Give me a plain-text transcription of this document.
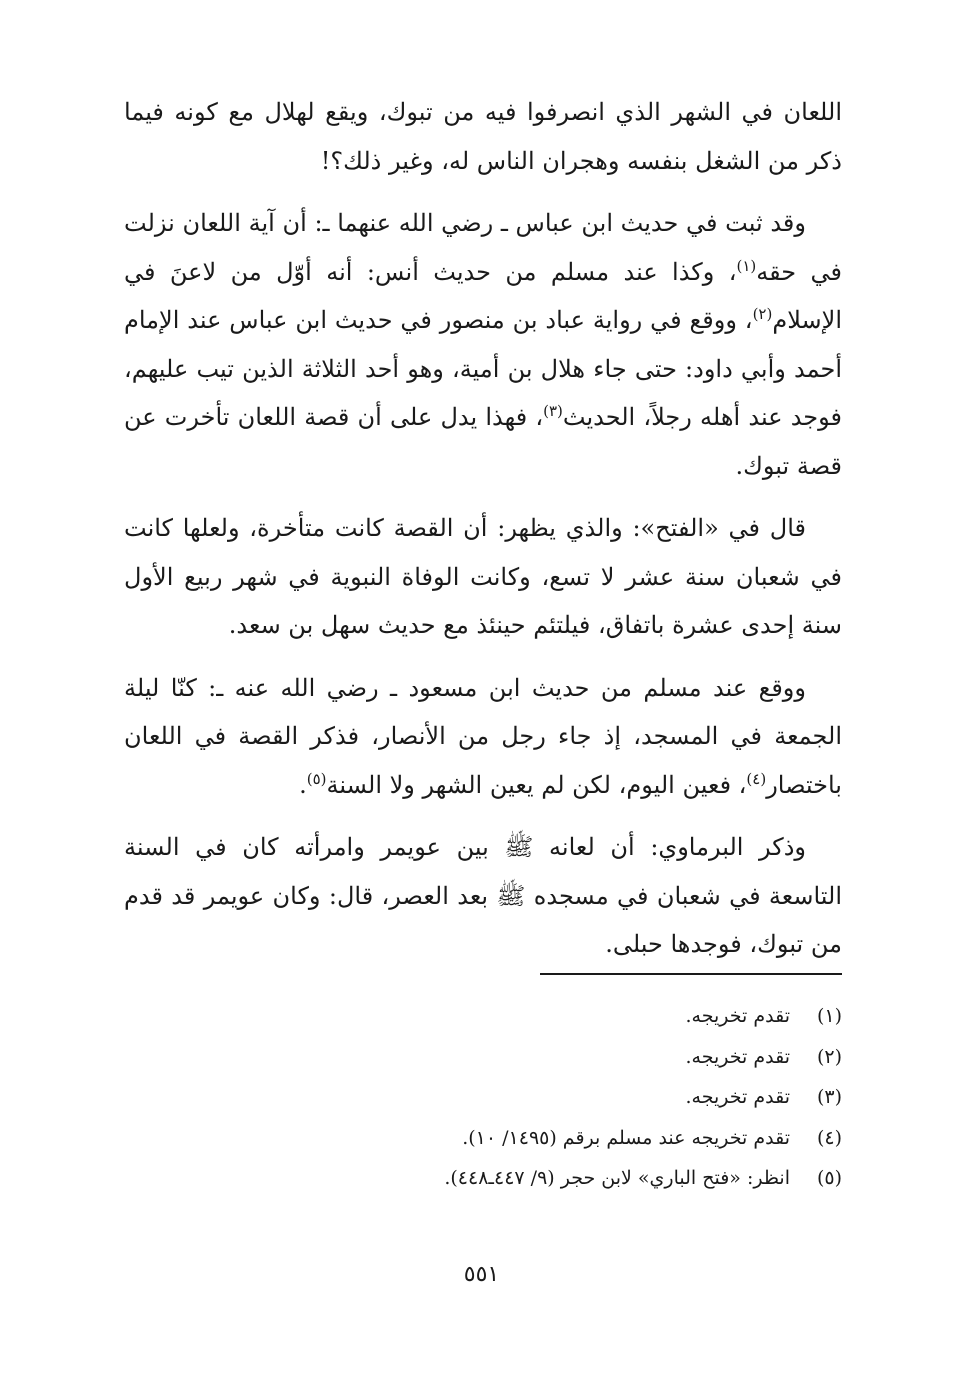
اللعان في الشهر الذي انصرفوا فيه من تبوك، ويقع لهلال مع كونه فيما ذكر من الشغل بنفسه وهجران الناس له، وغير ذلك؟!

وقد ثبت في حديث ابن عباس ـ رضي الله عنهما ـ: أن آية اللعان نزلت في حقه$^{(١)}$، وكذا عند مسلم من حديث أنس: أنه أوّل من لاعنَ في الإسلام$^{(٢)}$، ووقع في رواية عباد بن منصور في حديث ابن عباس عند الإمام أحمد وأبي داود: حتى جاء هلال بن أمية، وهو أحد الثلاثة الذين تيب عليهم، فوجد عند أهله رجلاً، الحديث$^{(٣)}$، فهذا يدل على أن قصة اللعان تأخرت عن قصة تبوك.

قال في «الفتح»: والذي يظهر: أن القصة كانت متأخرة، ولعلها كانت في شعبان سنة عشر لا تسع، وكانت الوفاة النبوية في شهر ربيع الأول سنة إحدى عشرة باتفاق، فيلتئم حينئذ مع حديث سهل بن سعد.

ووقع عند مسلم من حديث ابن مسعود ـ رضي الله عنه ـ: كنّا ليلة الجمعة في المسجد، إذ جاء رجل من الأنصار، فذكر القصة في اللعان باختصار$^{(٤)}$، فعين اليوم، لكن لم يعين الشهر ولا السنة$^{(٥)}$.

وذكر البرماوي: أن لعانه ﷺ بين عويمر وامرأته كان في السنة التاسعة في شعبان في مسجده ﷺ بعد العصر، قال: وكان عويمر قد قدم من تبوك، فوجدها حبلى.

(١)تقدم تخريجه.
(٢)تقدم تخريجه.
(٣)تقدم تخريجه.
(٤)تقدم تخريجه عند مسلم برقم (١٤٩٥/ ١٠).
(٥)انظر: «فتح الباري» لابن حجر (٩/ ٤٤٧ـ٤٤٨).
٥٥١
